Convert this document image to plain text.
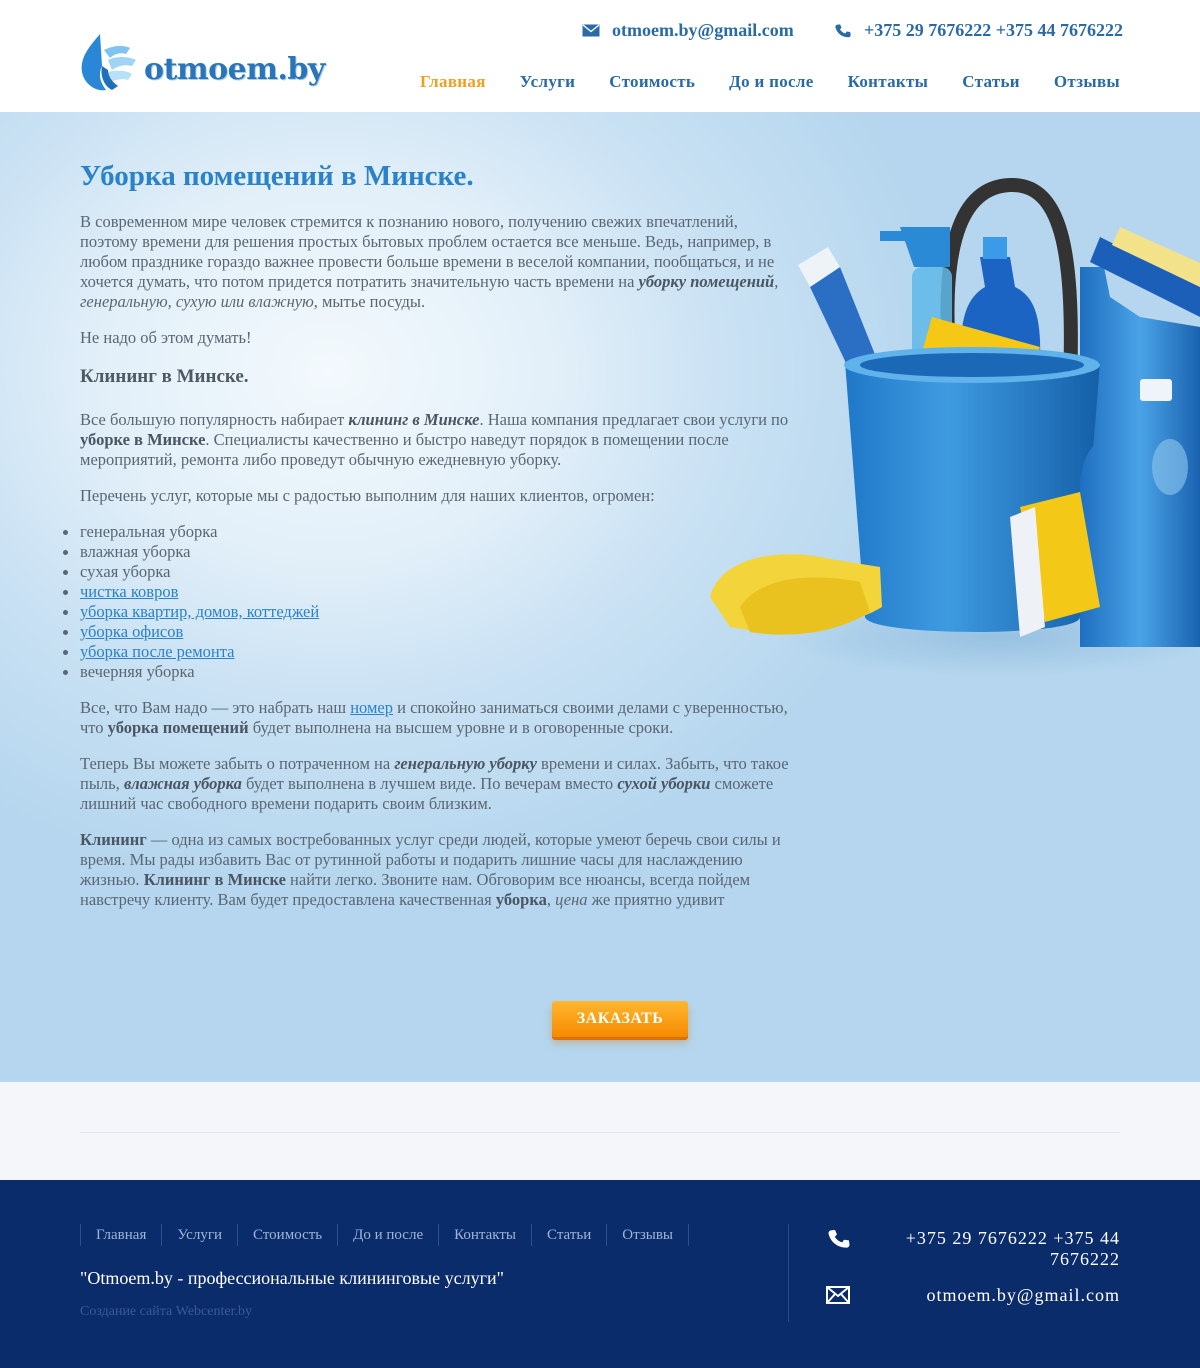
otmoem.by
otmoem.by@gmail.com	+375 29 7676222 +375 44 7676222
Главная Услуги Стоимость До и после Контакты Статьи Отзывы
Уборка помещений в Минске.

В современном мире человек стремится к познанию нового, получению свежих впечатлений, поэтому времени для решения простых бытовых проблем остается все меньше. Ведь, например, в любом празднике гораздо важнее провести больше времени в веселой компании, пообщаться, и не хочется думать, что потом придется потратить значительную часть времени на уборку помещений, генеральную, сухую или влажную, мытье посуды.

Не надо об этом думать!

Клининг в Минске.

Все большую популярность набирает клининг в Минске. Наша компания предлагает свои услуги по уборке в Минске. Специалисты качественно и быстро наведут порядок в помещении после мероприятий, ремонта либо проведут обычную ежедневную уборку.

Перечень услуг, которые мы с радостью выполним для наших клиентов, огромен:

генеральная уборка
влажная уборка
сухая уборка
чистка ковров
уборка квартир, домов, коттеджей
уборка офисов
уборка после ремонта
вечерняя уборка

Все, что Вам надо — это набрать наш номер и спокойно заниматься своими делами с уверенностью, что уборка помещений будет выполнена на высшем уровне и в оговоренные сроки.

Теперь Вы можете забыть о потраченном на генеральную уборку времени и силах. Забыть, что такое пыль, влажная уборка будет выполнена в лучшем виде. По вечерам вместо сухой уборки сможете лишний час свободного времени подарить своим близким.

Клининг — одна из самых востребованных услуг среди людей, которые умеют беречь свои силы и время. Мы рады избавить Вас от рутинной работы и подарить лишние часы для наслаждению жизнью. Клининг в Минске найти легко. Звоните нам. Обговорим все нюансы, всегда пойдем навстречу клиенту. Вам будет предоставлена качественная уборка, цена же приятно удивит

ЗАКАЗАТЬ
Главная	Услуги	Стоимость	До и после	Контакты	Статьи	Отзывы
"Otmoem.by - профессиональные клининговые услуги"
Создание сайта Webcenter.by
+375 29 7676222 +375 44 7676222
otmoem.by@gmail.com
